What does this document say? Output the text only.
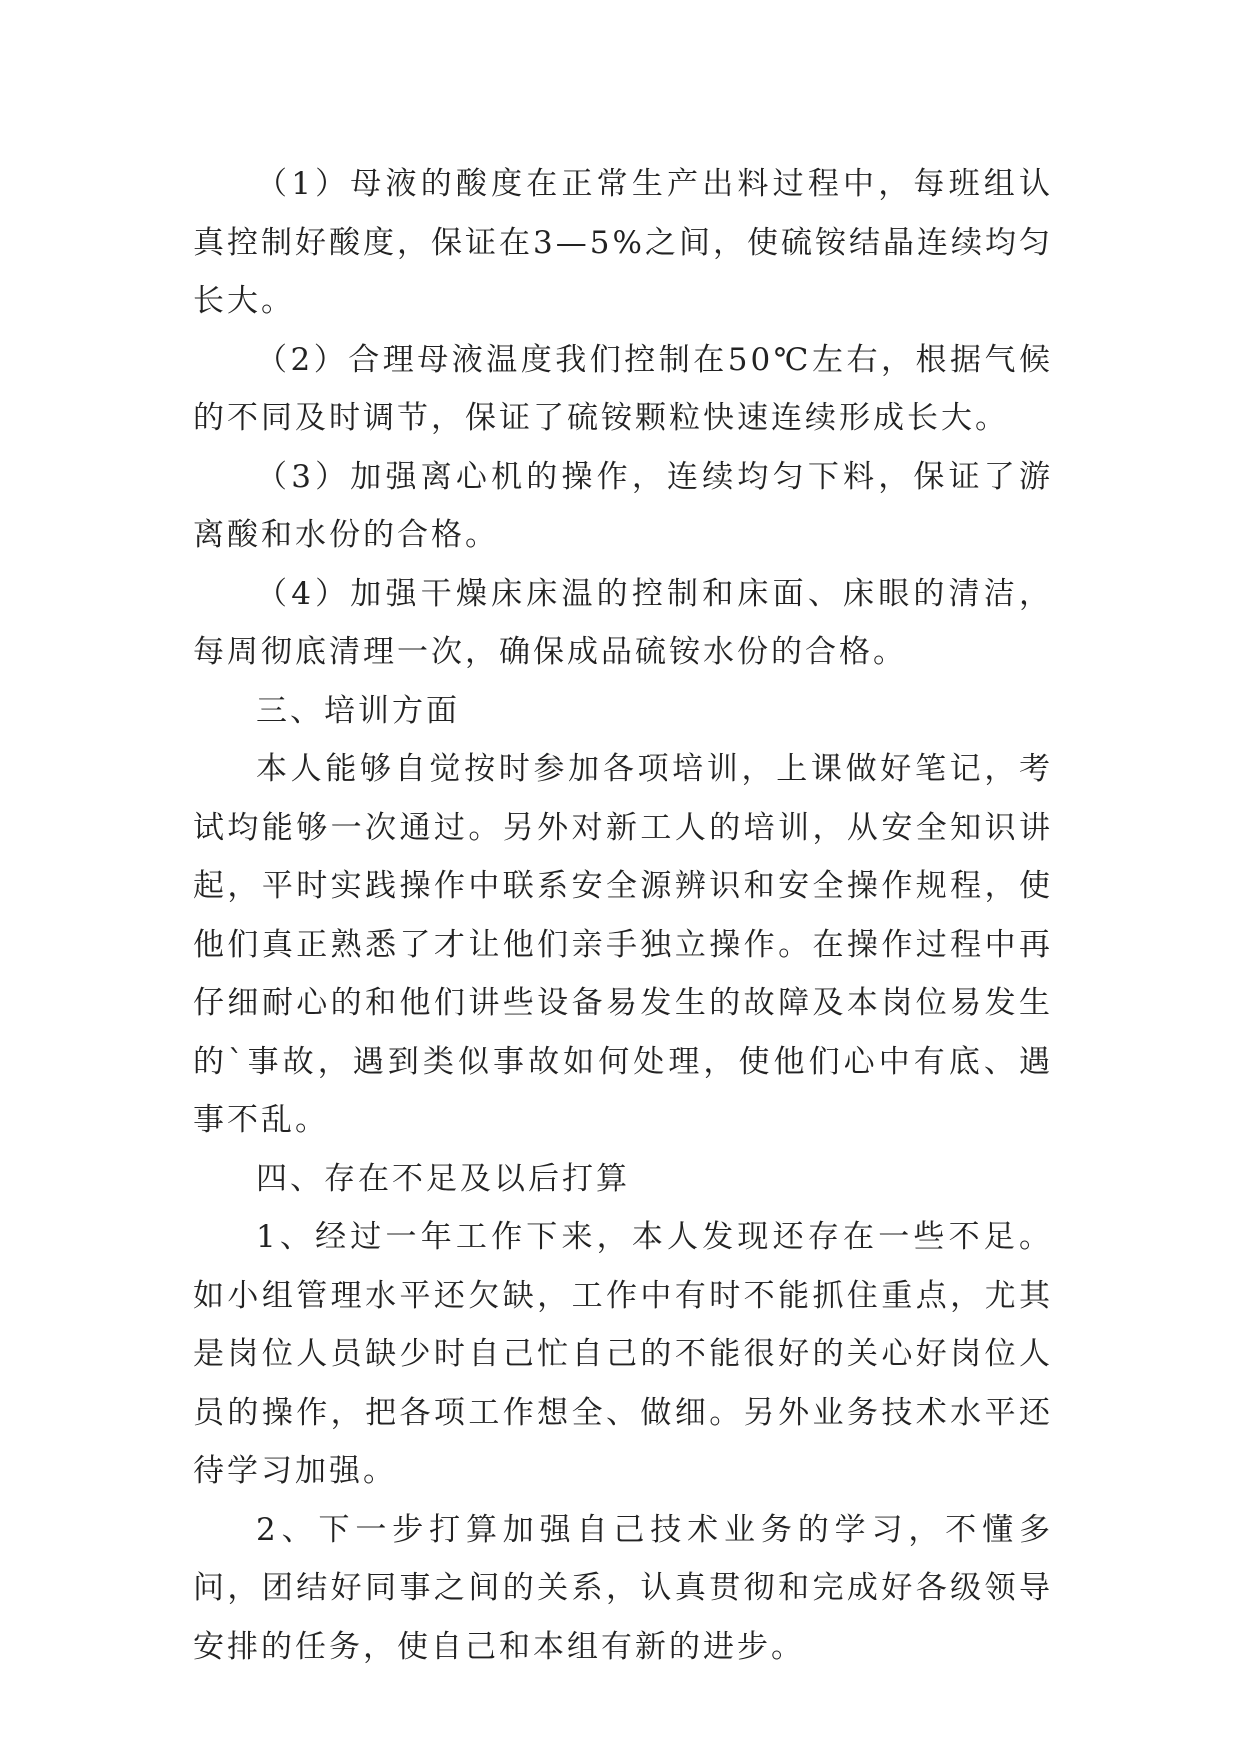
（1）母液的酸度在正常生产出料过程中，每班组认真控制好酸度，保证在3—5%之间，使硫铵结晶连续均匀长大。

（2）合理母液温度我们控制在50℃左右，根据气候的不同及时调节，保证了硫铵颗粒快速连续形成长大。

（3）加强离心机的操作，连续均匀下料，保证了游离酸和水份的合格。

（4）加强干燥床床温的控制和床面、床眼的清洁，每周彻底清理一次，确保成品硫铵水份的合格。

三、培训方面

本人能够自觉按时参加各项培训，上课做好笔记，考试均能够一次通过。另外对新工人的培训，从安全知识讲起，平时实践操作中联系安全源辨识和安全操作规程，使他们真正熟悉了才让他们亲手独立操作。在操作过程中再仔细耐心的和他们讲些设备易发生的故障及本岗位易发生的`事故，遇到类似事故如何处理，使他们心中有底、遇事不乱。

四、存在不足及以后打算

1、经过一年工作下来，本人发现还存在一些不足。如小组管理水平还欠缺，工作中有时不能抓住重点，尤其是岗位人员缺少时自己忙自己的不能很好的关心好岗位人员的操作，把各项工作想全、做细。另外业务技术水平还待学习加强。

2、下一步打算加强自己技术业务的学习，不懂多问，团结好同事之间的关系，认真贯彻和完成好各级领导安排的任务，使自己和本组有新的进步。
